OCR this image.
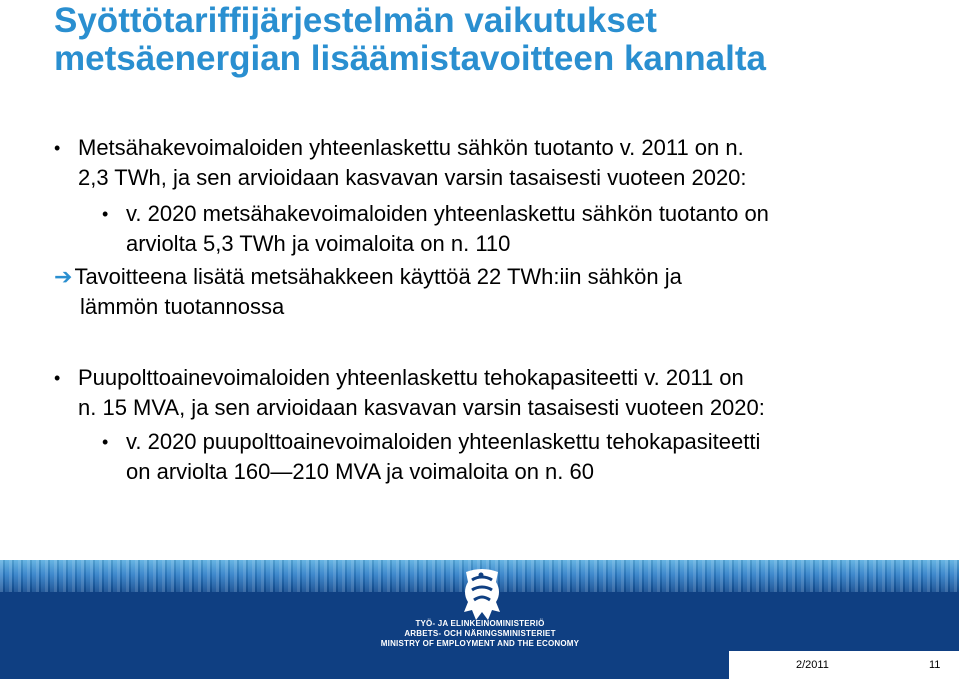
Syöttötariffijärjestelmän vaikutukset
metsäenergian lisäämistavoitteen kannalta
• Metsähakevoimaloiden yhteenlaskettu sähkön tuotanto v. 2011 on n.
2,3 TWh, ja sen arvioidaan kasvavan varsin tasaisesti vuoteen 2020:
• v. 2020 metsähakevoimaloiden yhteenlaskettu sähkön tuotanto on
arviolta 5,3 TWh ja voimaloita on n. 110
➔Tavoitteena lisätä metsähakkeen käyttöä 22 TWh:iin sähkön ja
lämmön tuotannossa
• Puupolttoainevoimaloiden yhteenlaskettu tehokapasiteetti v. 2011 on
n. 15 MVA, ja sen arvioidaan kasvavan varsin tasaisesti vuoteen 2020:
• v. 2020 puupolttoainevoimaloiden yhteenlaskettu tehokapasiteetti
on arviolta 160—210 MVA ja voimaloita on n. 60
TYÖ- JA ELINKEINOMINISTERIÖ
ARBETS- OCH NÄRINGSMINISTERIET
MINISTRY OF EMPLOYMENT AND THE ECONOMY
2/2011	11
